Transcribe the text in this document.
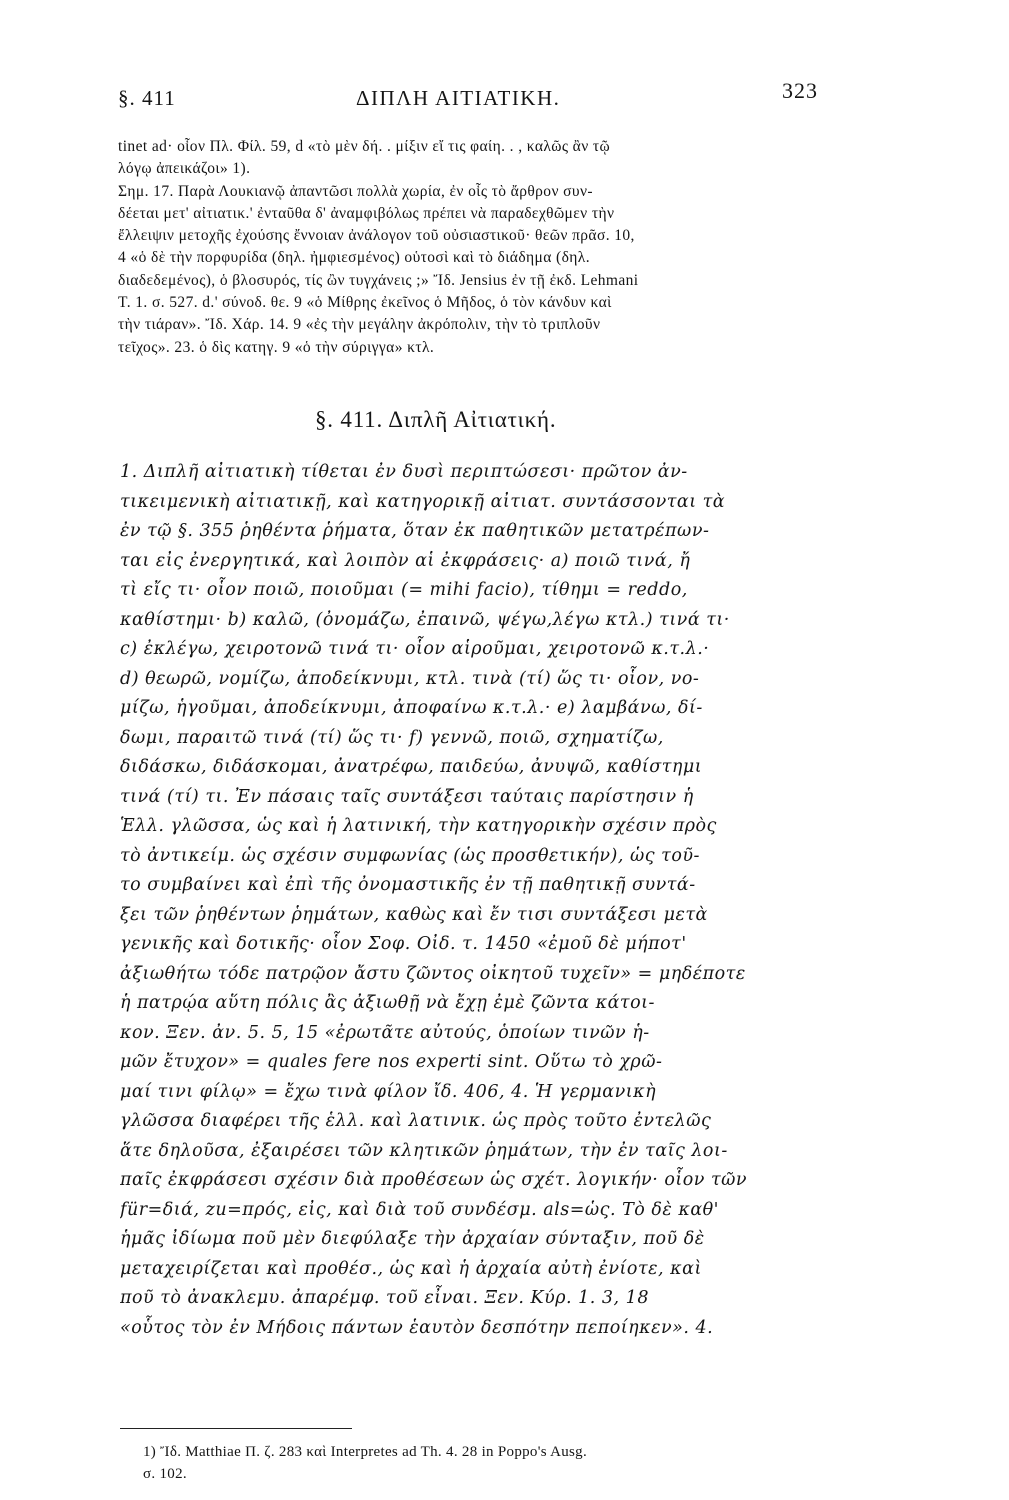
§. 411	ΔΙΠΛΗ ΑΙΤΙΑΤΙΚΗ.	323
tinet ad· οἷον Πλ. Φίλ. 59, d «τὸ μὲν δή. . μίξιν εἴ τις φαίη. . , καλῶς ἂν τῷ
λόγῳ ἀπεικάζοι» 1).
Σημ. 17. Παρὰ Λουκιανῷ ἀπαντῶσι πολλὰ χωρία, ἐν οἷς τὸ ἄρθρον συν-
δέεται μετ' αἰτιατικ.' ἐνταῦθα δ' ἀναμφιβόλως πρέπει νὰ παραδεχθῶμεν τὴν
ἔλλειψιν μετοχῆς ἐχούσης ἔννοιαν ἀνάλογον τοῦ οὐσιαστικοῦ· θεῶν πρᾶσ. 10,
4 «ὁ δὲ τὴν πορφυρίδα (δηλ. ἠμφιεσμένος) οὑτοσὶ καὶ τὸ διάδημα (δηλ.
διαδεδεμένος), ὁ βλοσυρός, τίς ὢν τυγχάνεις ;» Ἴδ. Jensius ἐν τῇ ἐκδ. Lehmani
T. 1. σ. 527. d.' σύνοδ. θε. 9 «ὁ Μίθρης ἐκεῖνος ὁ Μῆδος, ὁ τὸν κάνδυν καὶ
τὴν τιάραν». Ἴδ. Χάρ. 14. 9 «ἐς τὴν μεγάλην ἀκρόπολιν, τὴν τὸ τριπλοῦν
τεῖχος». 23. ὁ δὶς κατηγ. 9 «ὁ τὴν σύριγγα» κτλ.
§. 411. Διπλῆ Αἰτιατική.
1. Διπλῆ αἰτιατικὴ τίθεται ἐν δυσὶ περιπτώσεσι· πρῶτον ἀν-
τικειμενικὴ αἰτιατικῇ, καὶ κατηγορικῇ αἰτιατ. συντάσσονται τὰ
ἐν τῷ §. 355 ῥηθέντα ῥήματα, ὅταν ἐκ παθητικῶν μετατρέπων-
ται εἰς ἐνεργητικά, καὶ λοιπὸν αἱ ἐκφράσεις· a) ποιῶ τινά, ἤ
τὶ εἴς τι· οἷον ποιῶ, ποιοῦμαι (= mihi facio), τίθημι = reddo,
καθίστημι· b) καλῶ, (ὀνομάζω, ἐπαινῶ, ψέγω,λέγω κτλ.) τινά τι·
c) ἐκλέγω, χειροτονῶ τινά τι· οἷον αἱροῦμαι, χειροτονῶ κ.τ.λ.·
d) θεωρῶ, νομίζω, ἀποδείκνυμι, κτλ. τινὰ (τί) ὥς τι· οἷον, νο-
μίζω, ἡγοῦμαι, ἀποδείκνυμι, ἀποφαίνω κ.τ.λ.· e) λαμβάνω, δί-
δωμι, παραιτῶ τινά (τί) ὥς τι· f) γεννῶ, ποιῶ, σχηματίζω,
διδάσκω, διδάσκομαι, ἀνατρέφω, παιδεύω, ἀνυψῶ, καθίστημι
τινά (τί) τι. Ἐν πάσαις ταῖς συντάξεσι ταύταις παρίστησιν ἡ
Ἑλλ. γλῶσσα, ὡς καὶ ἡ λατινική, τὴν κατηγορικὴν σχέσιν πρὸς
τὸ ἀντικείμ. ὡς σχέσιν συμφωνίας (ὡς προσθετικήν), ὡς τοῦ-
το συμβαίνει καὶ ἐπὶ τῆς ὀνομαστικῆς ἐν τῇ παθητικῇ συντά-
ξει τῶν ῥηθέντων ῥημάτων, καθὼς καὶ ἔν τισι συντάξεσι μετὰ
γενικῆς καὶ δοτικῆς· οἷον Σοφ. Οἰδ. τ. 1450 «ἐμοῦ δὲ μήποτ'
ἀξιωθήτω τόδε πατρῷον ἄστυ ζῶντος οἰκητοῦ τυχεῖν» = μηδέποτε
ἡ πατρῴα αὕτη πόλις ἂς ἀξιωθῇ νὰ ἔχῃ ἐμὲ ζῶντα κάτοι-
κον. Ξεν. ἀν. 5. 5, 15 «ἐρωτᾶτε αὐτούς, ὁποίων τινῶν ἡ-
μῶν ἔτυχον» = quales fere nos experti sint. Οὕτω τὸ χρῶ-
μαί τινι φίλῳ» = ἔχω τινὰ φίλον ἴδ. 406, 4. Ἡ γερμανικὴ
γλῶσσα διαφέρει τῆς ἑλλ. καὶ λατινικ. ὡς πρὸς τοῦτο ἐντελῶς
ἅτε δηλοῦσα, ἐξαιρέσει τῶν κλητικῶν ῥημάτων, τὴν ἐν ταῖς λοι-
παῖς ἐκφράσεσι σχέσιν διὰ προθέσεων ὡς σχέτ. λογικήν· οἷον τῶν
für=διά, zu=πρός, εἰς, καὶ διὰ τοῦ συνδέσμ. als=ὡς. Τὸ δὲ καθ'
ἡμᾶς ἰδίωμα ποῦ μὲν διεφύλαξε τὴν ἀρχαίαν σύνταξιν, ποῦ δὲ
μεταχειρίζεται καὶ προθέσ., ὡς καὶ ἡ ἀρχαία αὐτὴ ἐνίοτε, καὶ
ποῦ τὸ ἀνακλεμυ. ἀπαρέμφ. τοῦ εἶναι. Ξεν. Κύρ. 1. 3, 18
«οὗτος τὸν ἐν Μήδοις πάντων ἑαυτὸν δεσπότην πεποίηκεν». 4.
1) Ἴδ. Matthiae Π. ζ. 283 καὶ Interpretes ad Th. 4. 28 in Poppo's Ausg.
σ. 102.
